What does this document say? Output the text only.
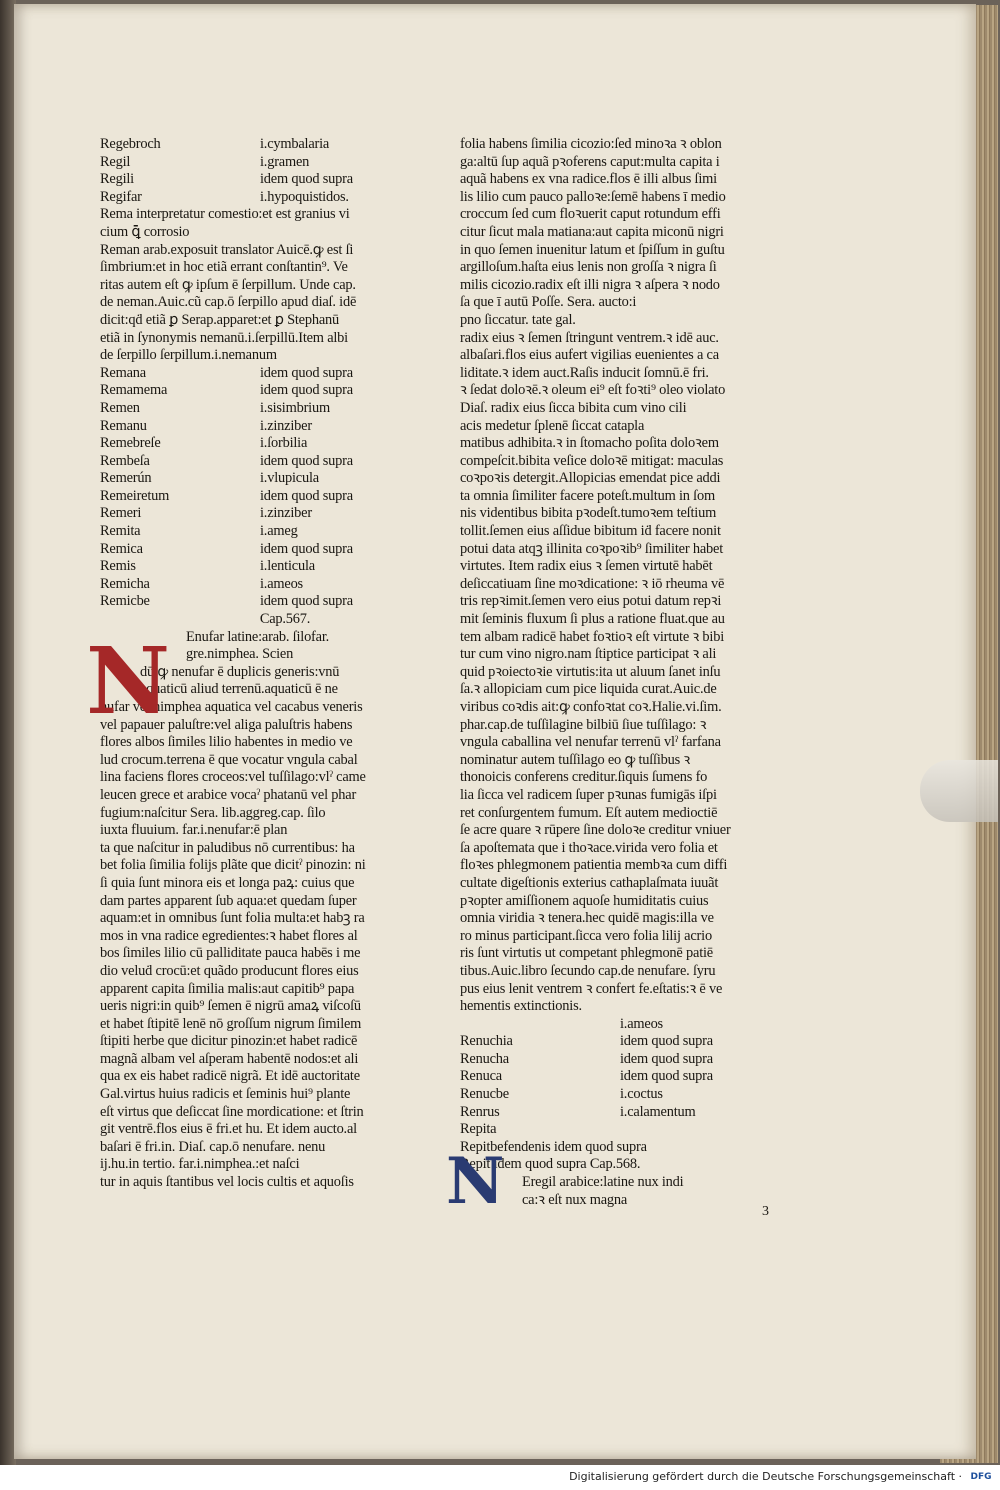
Regebroch	i.cymbalaria
Regil	i.gramen
Regili	idem quod supra
Regifar	i.hypoquistidos.
Rema interpretatur comestio:et est granius vi
cium ꝗ̄ corrosio
Reman arab.exposuit translator Auicē.ꝙ est ſi
ſimbrium:et in hoc etiã errant conſtantin⁹. Ve
ritas autem eſt ꝙ ipſum ē ſerpillum. Unde cap.
de neman.Auic.cũ cap.ō ſerpillo apud diaſ. idē
dicit:qḋ etiã ꝑ Serap.apparet:et ꝑ Stephanū
etiã in ſynonymis nemanū.i.ſerpillū.Item albi
de ſerpillo ſerpillum.i.nemanum
Remana	idem quod supra
Remamema	idem quod supra
Remen	i.sisimbrium
Remanu	i.zinziber
Remebreſe	i.ſorbilia
Rembeſa	idem quod supra
Remerún	i.vlupicula
Remeiretum	idem quod supra
Remeri	i.zinziber
Remita	i.ameg
Remica	idem quod supra
Remis	i.lenticula
Remicha	i.ameos
Remicbe	idem quod supra
Cap.567.
Enufar latine:arab. ſilofar.
gre.nimphea. Scien
dū ꝙ nenufar ē duplicis generis:vnū
aquaticū aliud terrenū.aquaticū ē ne
nufar vel nimphea aquatica vel cacabus veneris
vel papauer paluſtre:vel aliga paluſtris habens
flores albos ſimiles lilio habentes in medio ve
lud crocum.terrena ē que vocatur vngula cabal
lina faciens flores croceos:vel tuſſilago:vlˀ came
leucen grece et arabice vocaˀ phatanū vel phar
fugium:naſcitur Sera. lib.aggreg.cap. ſilo
iuxta fluuium. far.i.nenufar:ē plan
ta que naſcitur in paludibus nō currentibus: ha
bet folia ſimilia folijs plãte que dicitˀ pinozin: ni
ſi quia ſunt minora eis et longa paꝝ: cuius que
dam partes apparent ſub aqua:et quedam ſuper
aquam:et in omnibus ſunt folia multa:et habꝫ ra
mos in vna radice egredientes:ꝛ habet flores al
bos ſimiles lilio cū palliditate pauca habēs i me
dio veluḋ crocū:et quãdo producunt flores eius
apparent capita ſimilia malis:aut capitib⁹ papa
ueris nigri:in quib⁹ ſemen ē nigrū amaꝝ viſcoſū
et habet ſtipitē lenē nō groſſum nigrum ſimilem
ſtipiti herbe que dicitur pinozin:et habet radicē
magnã albam vel aſperam habentē nodos:et ali
qua ex eis habet radicē nigrã. Et idē auctoritate
Gal.virtus huius radicis et ſeminis hui⁹ plante
eſt virtus que deſiccat ſine mordicatione: et ſtrin
git ventrē.flos eius ē fri.et hu. Et idem aucto.al
baſari ē fri.in. Diaſ. cap.ō nenufare. nenu
ij.hu.in tertio. far.i.nimphea.:et naſci
tur in aquis ſtantibus vel locis cultis et aquoſis
folia habens ſimilia cicozio:ſed minoꝛa ꝛ oblon
ga:altū ſup aquã pꝛoferens caput:multa capita i
aquã habens ex vna radice.flos ē illi albus ſimi
lis lilio cum pauco palloꝛe:ſemē habens ī medio
croccum ſed cum floꝛuerit caput rotundum effi
citur ſicut mala matiana:aut capita miconū nigri
in quo ſemen inuenitur latum et ſpiſſum in guſtu
argilloſum.haſta eius lenis non groſſa ꝛ nigra ſi
milis cicozio.radix eſt illi nigra ꝛ aſpera ꝛ nodo
ſa que ī autū Poſſe. Sera. aucto:i
pno ſiccatur. tate gal.
radix eius ꝛ ſemen ſtringunt ventrem.ꝛ idē auc.
albaſari.flos eius aufert vigilias euenientes a ca
liditate.ꝛ idem auct.Raſis inducit ſomnū.ē fri.
ꝛ ſedat doloꝛē.ꝛ oleum ei⁹ eſt foꝛti⁹ oleo violato
Diaſ. radix eius ſicca bibita cum vino cili
acis medetur ſplenē ſiccat catapla
matibus adhibita.ꝛ in ſtomacho poſita doloꝛem
compeſcit.bibita veſice doloꝛē mitigat: maculas
coꝛpoꝛis detergit.Allopicias emendat pice addi
ta omnia ſimiliter facere poteſt.multum in ſom
nis videntibus bibita pꝛodeſt.tumoꝛem teſtium
tollit.ſemen eius aſſidue bibitum iḋ facere nonit
potui data atqꝫ illinita coꝛpoꝛib⁹ ſimiliter habet
virtutes. Item radix eius ꝛ ſemen virtutē habēt
deſiccatiuam ſine moꝛdicatione: ꝛ iō rheuma vē
tris repꝛimit.ſemen vero eius potui datum repꝛi
mit ſeminis fluxum ſi plus a ratione fluat.que au
tem albam radicē habet foꝛtioꝛ eſt virtute ꝛ bibi
tur cum vino nigro.nam ſtiptice participat ꝛ ali
quid pꝛoiectoꝛie virtutis:ita ut aluum ſanet inſu
ſa.ꝛ allopiciam cum pice liquida curat.Auic.de
viribus coꝛdis ait:ꝙ confoꝛtat coꝛ.Halie.vi.ſim.
phar.cap.de tuſſilagine bilbiū ſiue tuſſilago: ꝛ
vngula caballina vel nenufar terrenū vlˀ farfana
nominatur autem tuſſilago eo ꝙ tuſſibus ꝛ
thonoicis conferens creditur.ſiquis ſumens fo
lia ſicca vel radicem ſuper pꝛunas fumigās iſpi
ret conſurgentem fumum. Eſt autem medioctiē
ſe acre quare ꝛ rūpere ſine doloꝛe creditur vniuer
ſa apoſtemata que i thoꝛace.virida vero folia et
floꝛes phlegmonem patientia membꝛa cum diffi
cultate digeſtionis exterius cathaplaſmata iuuãt
pꝛopter amiſſionem aquoſe humiditatis cuius
omnia viridia ꝛ tenera.hec quidē magis:illa ve
ro minus participant.ſicca vero folia lilij acrio
ris ſunt virtutis ut competant phlegmonē patiē
tibus.Auic.libro ſecundo cap.de nenufare. ſyru
pus eius lenit ventrem ꝛ confert fe.eſtatis:ꝛ ē ve
hementis extinctionis.
i.ameos
Renuchia	idem quod supra
Renucha	idem quod supra
Renuca	idem quod supra
Renucbe	i.coctus
Renrus	i.calamentum
Repita
Repitbefendenis idem quod supra
Repit idem quod supra Cap.568.
Eregil arabice:latine nux indi
ca:ꝛ eſt nux magna
N
N	3
Digitalisierung gefördert durch die Deutsche Forschungsgemeinschaft · DFG
